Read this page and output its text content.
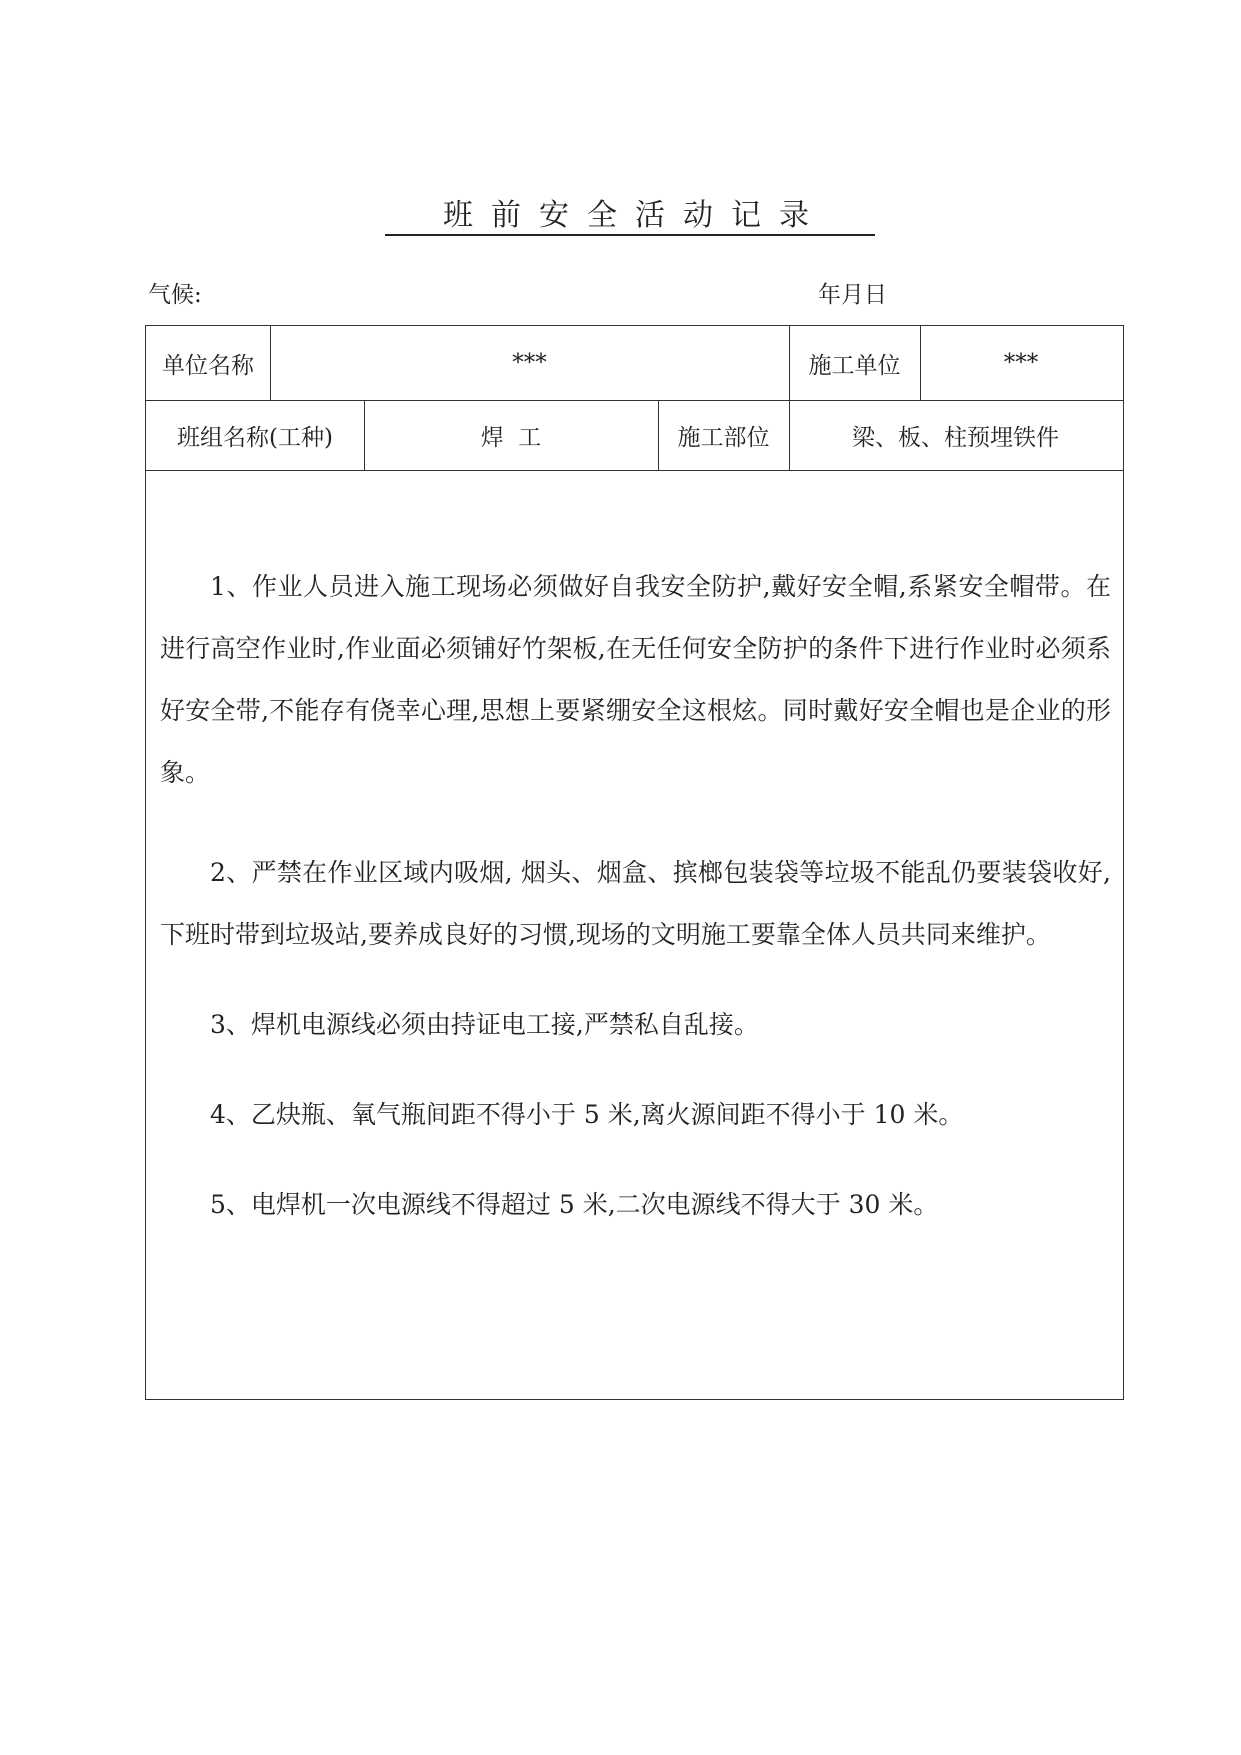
班前安全活动记录
气候:	年月日
单位名称	***	施工单位	***
班组名称(工种)	焊  工	施工部位	梁、板、柱预埋铁件

1、作业人员进入施工现场必须做好自我安全防护,戴好安全帽,系紧安全帽带。在进行高空作业时,作业面必须铺好竹架板,在无任何安全防护的条件下进行作业时必须系好安全带,不能存有侥幸心理,思想上要紧绷安全这根炫。同时戴好安全帽也是企业的形象。

2、严禁在作业区域内吸烟, 烟头、烟盒、摈榔包装袋等垃圾不能乱仍要装袋收好,下班时带到垃圾站,要养成良好的习惯,现场的文明施工要靠全体人员共同来维护。

3、焊机电源线必须由持证电工接,严禁私自乱接。

4、乙炔瓶、氧气瓶间距不得小于 5 米,离火源间距不得小于 10 米。

5、电焊机一次电源线不得超过 5 米,二次电源线不得大于 30 米。
